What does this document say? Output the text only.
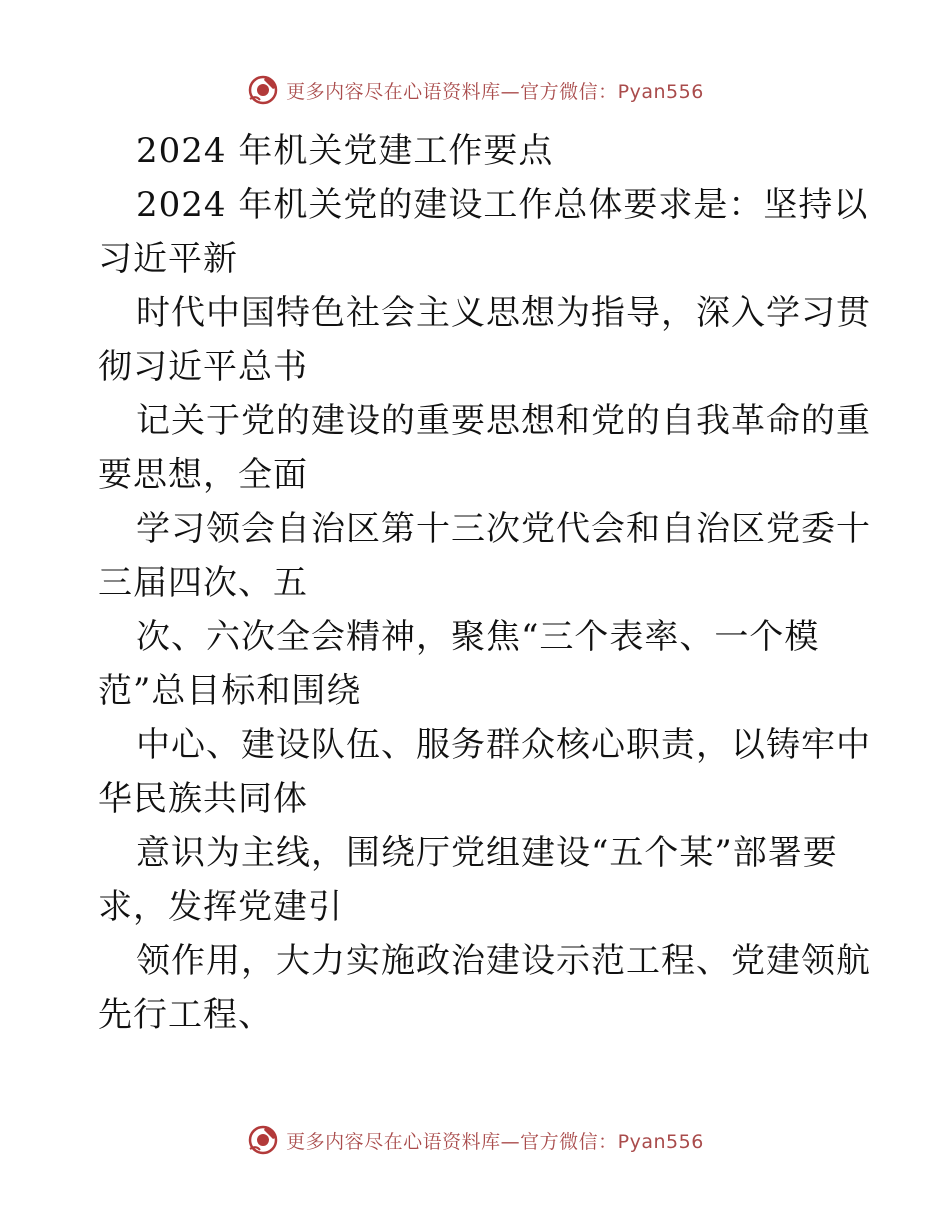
更多内容尽在心语资料库—官方微信：Pyan556
2024 年机关党建工作要点
2024 年机关党的建设工作总体要求是：坚持以
习近平新
时代中国特色社会主义思想为指导，深入学习贯
彻习近平总书
记关于党的建设的重要思想和党的自我革命的重
要思想，全面
学习领会自治区第十三次党代会和自治区党委十
三届四次、五
次、六次全会精神，聚焦“三个表率、一个模
范”总目标和围绕
中心、建设队伍、服务群众核心职责，以铸牢中
华民族共同体
意识为主线，围绕厅党组建设“五个某”部署要
求，发挥党建引
领作用，大力实施政治建设示范工程、党建领航
先行工程、
更多内容尽在心语资料库—官方微信：Pyan556
